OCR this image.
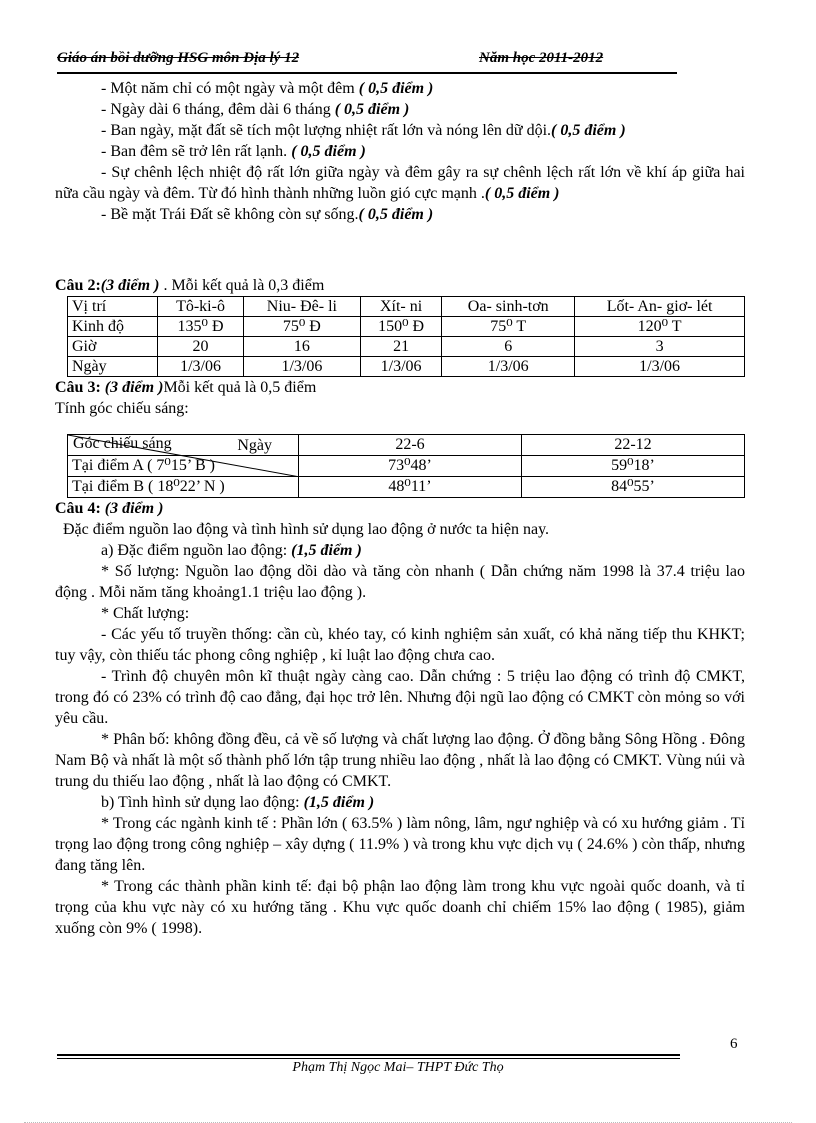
Giáo án bồi dưỡng HSG môn Địa lý 12	Năm học 2011-2012

- Một năm chỉ có một ngày và một đêm ( 0,5 điểm )

- Ngày dài 6 tháng, đêm dài 6 tháng ( 0,5 điểm )

- Ban ngày, mặt đất sẽ tích một lượng nhiệt rất lớn và nóng lên dữ dội.( 0,5 điểm )

- Ban đêm sẽ trở lên rất lạnh. ( 0,5 điểm )

- Sự chênh lệch nhiệt độ rất lớn giữa ngày và đêm gây ra sự chênh lệch rất lớn về khí áp giữa hai nữa cầu ngày và đêm. Từ đó hình thành những luồn gió cực mạnh .( 0,5 điểm )

- Bề mặt Trái Đất sẽ không còn sự sống.( 0,5 điểm )

Câu 2:(3 điểm ) . Mỗi kết quả là 0,3 điểm

Vị trí	Tô-ki-ô	Niu- Đê- li	Xít- ni	Oa- sinh-tơn	Lốt- An- giơ- lét
Kinh độ	135⁰ Đ	75⁰ Đ	150⁰ Đ	75⁰ T	120⁰ T
Giờ	20	16	21	6	3
Ngày	1/3/06	1/3/06	1/3/06	1/3/06	1/3/06

Câu 3: (3 điểm )Mỗi kết quả là 0,5 điểm

Tính góc chiếu sáng:

Ngày
Góc chiếu sáng	22-6	22-12
Tại điểm A ( 7⁰15’ B )	73⁰48’	59⁰18’
Tại điểm B ( 18⁰22’ N )	48⁰11’	84⁰55’

Câu 4: (3 điểm )

Đặc điểm nguồn lao động và tình hình sử dụng lao động ở nước ta hiện nay.

a) Đặc điểm nguồn lao động: (1,5 điểm )

* Số lượng: Nguồn lao động dồi dào và tăng còn nhanh ( Dẫn chứng năm 1998 là 37.4 triệu lao động . Mỗi năm tăng khoảng1.1 triệu lao động ).

* Chất lượng:

- Các yếu tố truyền thống: cần cù, khéo tay, có kinh nghiệm sản xuất, có khả năng tiếp thu KHKT; tuy vậy, còn thiếu tác phong công nghiệp , kỉ luật lao động chưa cao.

- Trình độ chuyên môn kĩ thuật ngày càng cao. Dẫn chứng : 5 triệu lao động có trình độ CMKT, trong đó có 23% có trình độ cao đẳng, đại học trở lên. Nhưng đội ngũ lao động có CMKT còn mỏng so với yêu cầu.

* Phân bố: không đồng đều, cả về số lượng và chất lượng lao động. Ở đồng bằng Sông Hồng . Đông Nam Bộ và nhất là một số thành phố lớn tập trung nhiều lao động , nhất là lao động có CMKT. Vùng núi và trung du thiếu lao động , nhất là lao động có CMKT.

b) Tình hình sử dụng lao động: (1,5 điểm )

* Trong các ngành kinh tế : Phần lớn ( 63.5% ) làm nông, lâm, ngư nghiệp và có xu hướng giảm . Tỉ trọng lao động trong công nghiệp – xây dựng ( 11.9% ) và trong khu vực dịch vụ ( 24.6% ) còn thấp, nhưng đang tăng lên.

* Trong các thành phần kinh tế: đại bộ phận lao động làm trong khu vực ngoài quốc doanh, và tỉ trọng của khu vực này có xu hướng tăng . Khu vực quốc doanh chỉ chiếm 15% lao động ( 1985), giảm xuống còn 9% ( 1998).

6
Phạm Thị Ngọc Mai– THPT Đức Thọ
